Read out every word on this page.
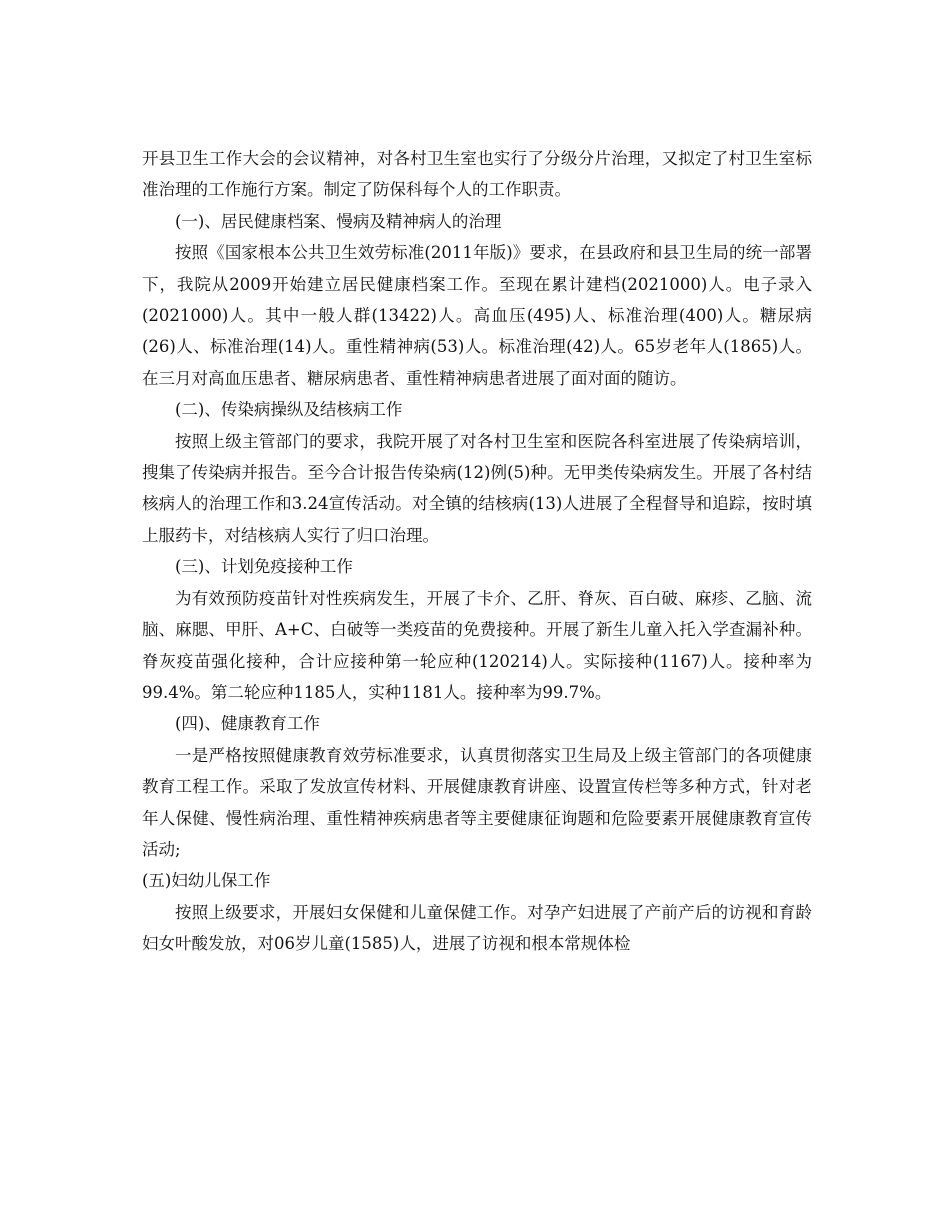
开县卫生工作大会的会议精神，对各村卫生室也实行了分级分片治理，又拟定了村卫生室标准治理的工作施行方案。制定了防保科每个人的工作职责。

(一)、居民健康档案、慢病及精神病人的治理

按照《国家根本公共卫生效劳标准(2011年版)》要求，在县政府和县卫生局的统一部署下，我院从2009开始建立居民健康档案工作。至现在累计建档(2021000)人。电子录入(2021000)人。其中一般人群(13422)人。高血压(495)人、标准治理(400)人。糖尿病(26)人、标准治理(14)人。重性精神病(53)人。标准治理(42)人。65岁老年人(1865)人。在三月对高血压患者、糖尿病患者、重性精神病患者进展了面对面的随访。

(二)、传染病操纵及结核病工作

按照上级主管部门的要求，我院开展了对各村卫生室和医院各科室进展了传染病培训，搜集了传染病并报告。至今合计报告传染病(12)例(5)种。无甲类传染病发生。开展了各村结核病人的治理工作和3.24宣传活动。对全镇的结核病(13)人进展了全程督导和追踪，按时填上服药卡，对结核病人实行了归口治理。

(三)、计划免疫接种工作

为有效预防疫苗针对性疾病发生，开展了卡介、乙肝、脊灰、百白破、麻疹、乙脑、流脑、麻腮、甲肝、A+C、白破等一类疫苗的免费接种。开展了新生儿童入托入学查漏补种。脊灰疫苗强化接种，合计应接种第一轮应种(120214)人。实际接种(1167)人。接种率为99.4%。第二轮应种1185人，实种1181人。接种率为99.7%。

(四)、健康教育工作

一是严格按照健康教育效劳标准要求，认真贯彻落实卫生局及上级主管部门的各项健康教育工程工作。采取了发放宣传材料、开展健康教育讲座、设置宣传栏等多种方式，针对老年人保健、慢性病治理、重性精神疾病患者等主要健康征询题和危险要素开展健康教育宣传活动;

(五)妇幼儿保工作

按照上级要求，开展妇女保健和儿童保健工作。对孕产妇进展了产前产后的访视和育龄妇女叶酸发放，对06岁儿童(1585)人，进展了访视和根本常规体检
